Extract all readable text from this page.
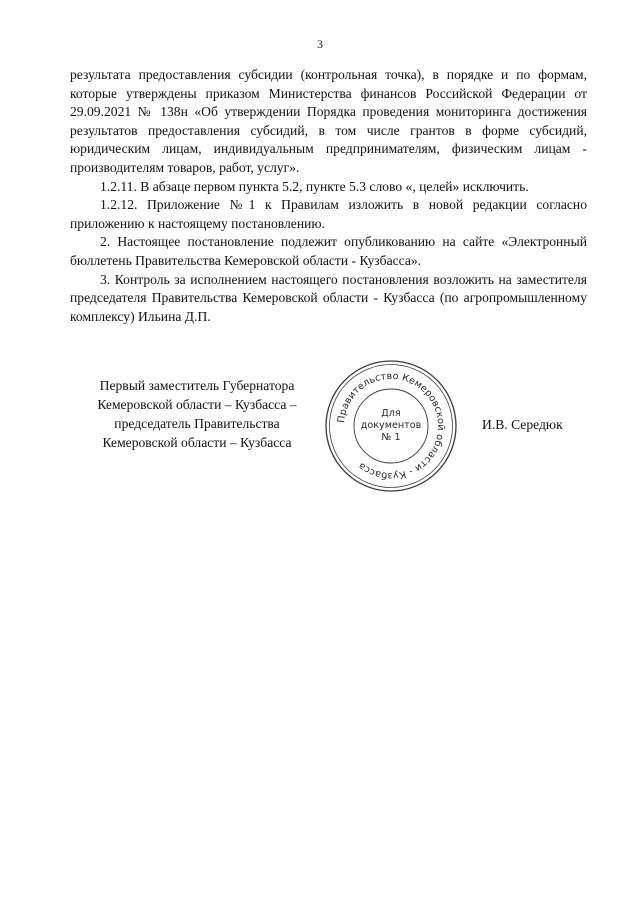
3

результата предоставления субсидии (контрольная точка), в порядке и по формам, которые утверждены приказом Министерства финансов Российской Федерации от 29.09.2021 № 138н «Об утверждении Порядка проведения мониторинга достижения результатов предоставления субсидий, в том числе грантов в форме субсидий, юридическим лицам, индивидуальным предпринимателям, физическим лицам - производителям товаров, работ, услуг».

1.2.11. В абзаце первом пункта 5.2, пункте 5.3 слово «, целей» исключить.

1.2.12. Приложение №1 к Правилам изложить в новой редакции согласно приложению к настоящему постановлению.

2. Настоящее постановление подлежит опубликованию на сайте «Электронный бюллетень Правительства Кемеровской области - Кузбасса».

3. Контроль за исполнением настоящего постановления возложить на заместителя председателя Правительства Кемеровской области - Кузбасса (по агропромышленному комплексу) Ильина Д.П.

Первый заместитель Губернатора
Кемеровской области – Кузбасса –
председатель Правительства
Кемеровской области – Кузбасса
Правительство Кемеровской области - Кузбасса
Для
документов
№ 1
И.В. Середюк
